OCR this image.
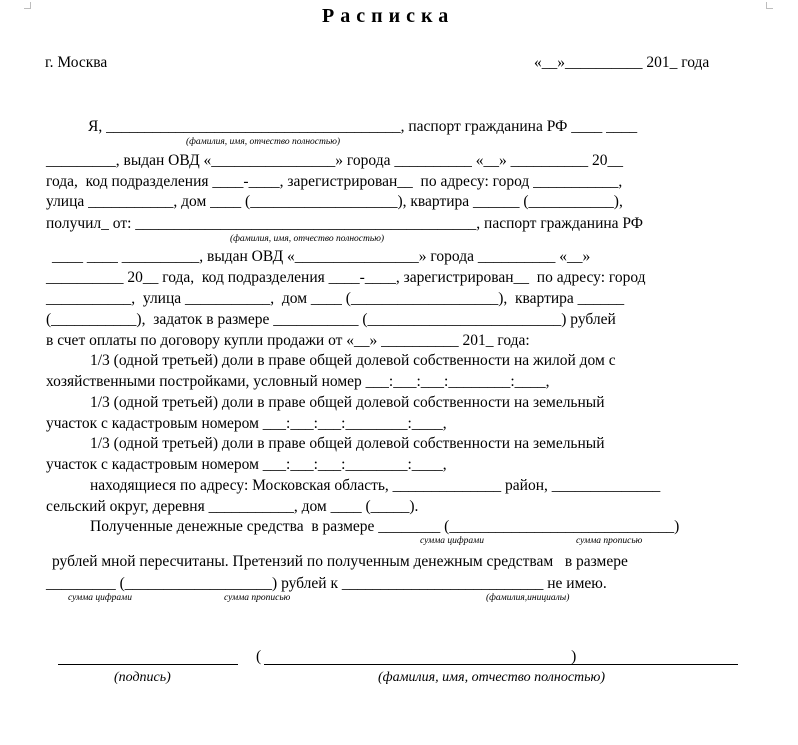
Расписка
г. Москва	«__»__________ 201_ года
Я, ______________________________________, паспорт гражданина РФ ____ ____
(фамилия, имя, отчество полностью)
_________, выдан ОВД «________________» города __________ «__» __________ 20__
года,  код подразделения ____-____, зарегистрирован__  по адресу: город ___________,
улица ___________, дом ____ (___________________), квартира ______ (___________),
получил_ от: ____________________________________________, паспорт гражданина РФ
(фамилия, имя, отчество полностью)
____ ____ __________, выдан ОВД «________________» города __________ «__»
__________ 20__ года,  код подразделения ____-____, зарегистрирован__  по адресу: город
___________,  улица ___________,  дом ____ (___________________),  квартира ______
(___________),  задаток в размере ___________ (_________________________) рублей
в счет оплаты по договору купли продажи от «__» __________ 201_ года:
1/3 (одной третьей) доли в праве общей долевой собственности на жилой дом с
хозяйственными постройками, условный номер ___:___:___:________:____,
1/3 (одной третьей) доли в праве общей долевой собственности на земельный
участок с кадастровым номером ___:___:___:________:____,
1/3 (одной третьей) доли в праве общей долевой собственности на земельный
участок с кадастровым номером ___:___:___:________:____,
находящиеся по адресу: Московская область, ______________ район, ______________
сельский округ, деревня ___________, дом ____ (_____).
Полученные денежные средства  в размере ________ (_____________________________)
сумма цифрами	сумма прописью
рублей мной пересчитаны. Претензий по полученным денежным средствам   в размере
_________ (___________________) рублей к __________________________ не имею.
сумма цифрами	сумма прописью	(фамилия,инициалы)
(                                                                                )
(подпись)	(фамилия, имя, отчество полностью)
